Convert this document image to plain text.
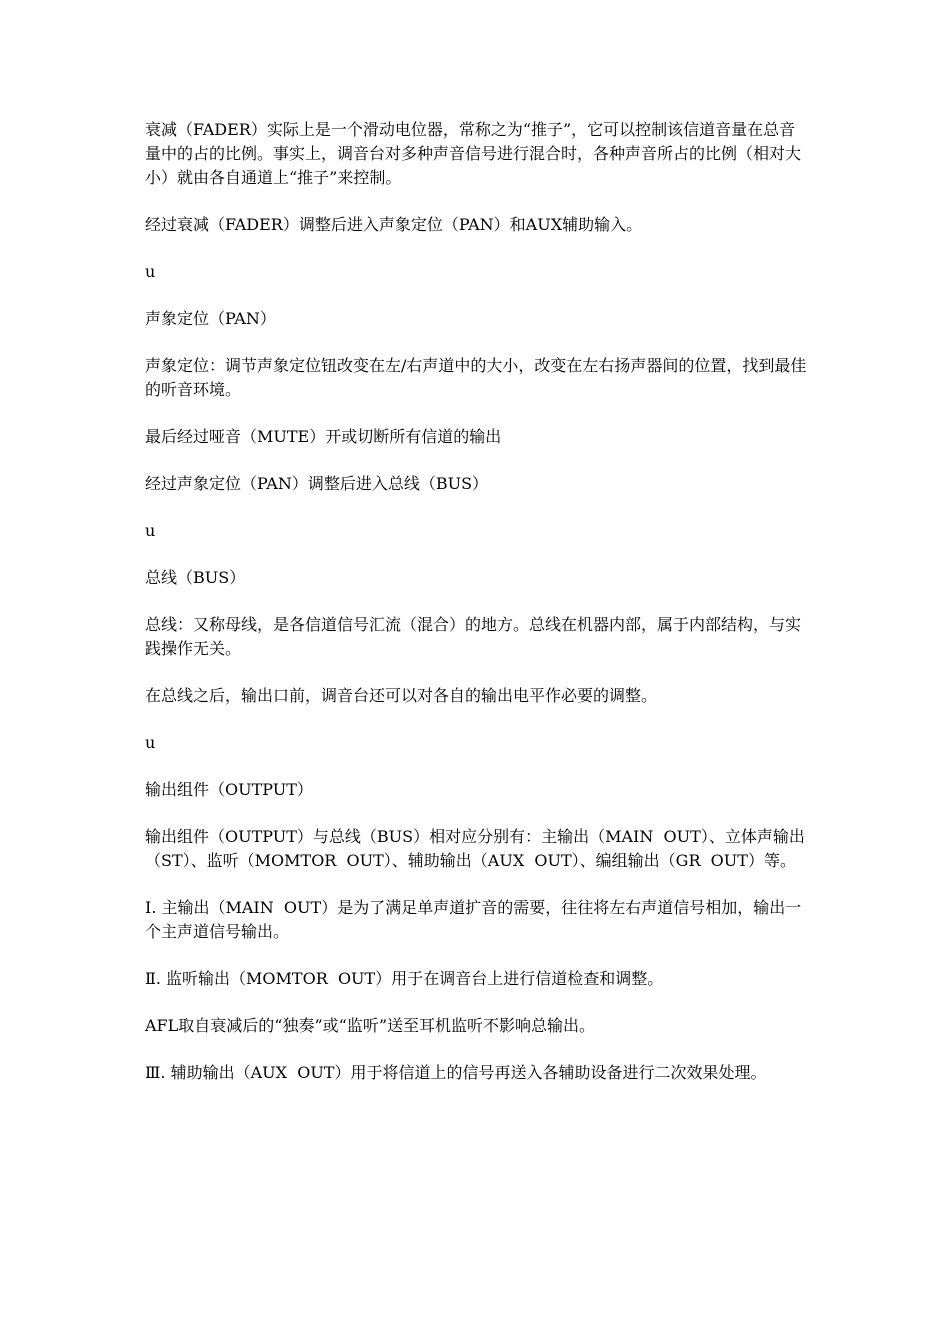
衰减（FADER）实际上是一个滑动电位器，常称之为“推子”，它可以控制该信道音量在总音量中的占的比例。事实上，调音台对多种声音信号进行混合时，各种声音所占的比例（相对大小）就由各自通道上“推子”来控制。

经过衰减（FADER）调整后进入声象定位（PAN）和AUX辅助输入。

u

声象定位（PAN）

声象定位：调节声象定位钮改变在左/右声道中的大小，改变在左右扬声器间的位置，找到最佳的听音环境。

最后经过哑音（MUTE）开或切断所有信道的输出

经过声象定位（PAN）调整后进入总线（BUS）

u

总线（BUS）

总线：又称母线，是各信道信号汇流（混合）的地方。总线在机器内部，属于内部结构，与实践操作无关。

在总线之后，输出口前，调音台还可以对各自的输出电平作必要的调整。

u

输出组件（OUTPUT）

输出组件（OUTPUT）与总线（BUS）相对应分别有：主输出（MAIN  OUT）、立体声输出（ST）、监听（MOMTOR  OUT）、辅助输出（AUX  OUT）、编组输出（GR  OUT）等。

Ⅰ. 主输出（MAIN  OUT）是为了满足单声道扩音的需要，往往将左右声道信号相加，输出一个主声道信号输出。

Ⅱ. 监听输出（MOMTOR  OUT）用于在调音台上进行信道检查和调整。

AFL取自衰减后的“独奏”或“监听”送至耳机监听不影响总输出。

Ⅲ. 辅助输出（AUX  OUT）用于将信道上的信号再送入各辅助设备进行二次效果处理。
